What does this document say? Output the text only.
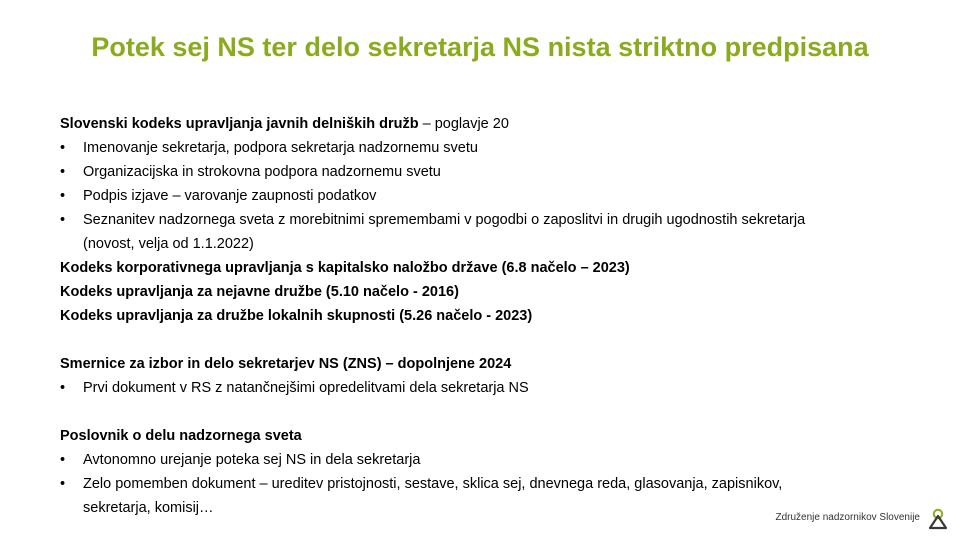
Potek sej NS ter delo sekretarja NS nista striktno predpisana
Slovenski kodeks upravljanja javnih delniških družb – poglavje 20
• Imenovanje sekretarja, podpora sekretarja nadzornemu svetu
• Organizacijska in strokovna podpora nadzornemu svetu
• Podpis izjave – varovanje zaupnosti podatkov
• Seznanitev nadzornega sveta z morebitnimi spremembami v pogodbi o zaposlitvi in drugih ugodnostih sekretarja
(novost, velja od 1.1.2022)
Kodeks korporativnega upravljanja s kapitalsko naložbo države (6.8 načelo – 2023)
Kodeks upravljanja za nejavne družbe (5.10 načelo - 2016)
Kodeks upravljanja za družbe lokalnih skupnosti (5.26 načelo - 2023)
Smernice za izbor in delo sekretarjev NS (ZNS) – dopolnjene 2024
• Prvi dokument v RS z natančnejšimi opredelitvami dela sekretarja NS
Poslovnik o delu nadzornega sveta
• Avtonomno urejanje poteka sej NS in dela sekretarja
• Zelo pomemben dokument – ureditev pristojnosti, sestave, sklica sej, dnevnega reda, glasovanja, zapisnikov,
sekretarja, komisij…
Združenje nadzornikov Slovenije
